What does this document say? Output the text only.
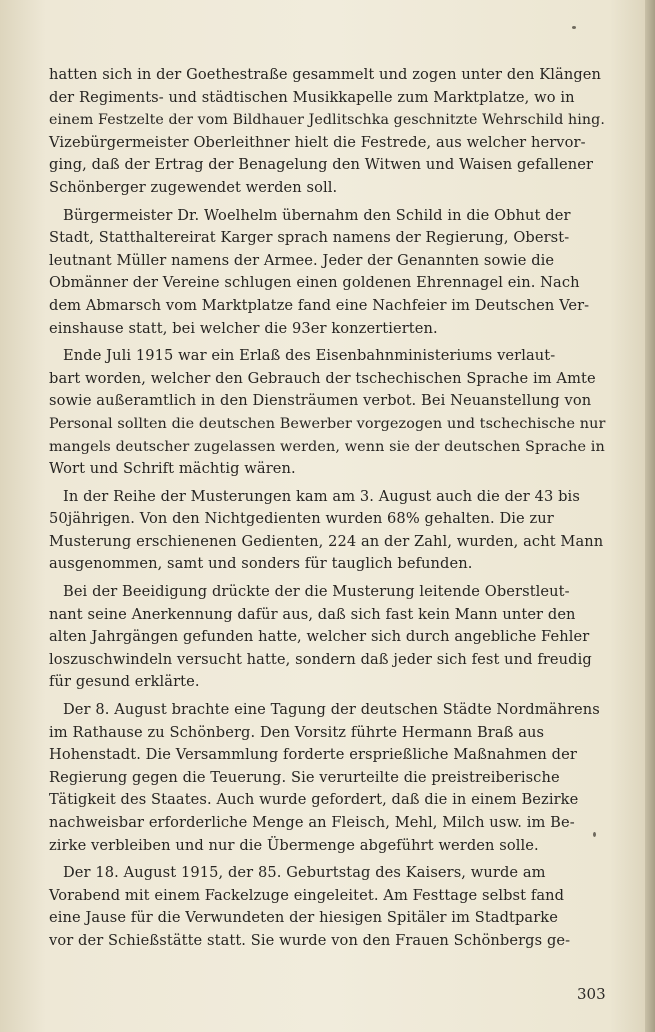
hatten sich in der Goethestraße gesammelt und zogen unter den Klängen
der Regiments- und städtischen Musikkapelle zum Marktplatze, wo in
einem Festzelte der vom Bildhauer Jedlitschka geschnitzte Wehrschild hing.
Vizebürgermeister Oberleithner hielt die Festrede, aus welcher hervor-
ging, daß der Ertrag der Benagelung den Witwen und Waisen gefallener
Schönberger zugewendet werden soll.
Bürgermeister Dr. Woelhelm übernahm den Schild in die Obhut der
Stadt, Statthaltereirat Karger sprach namens der Regierung, Oberst-
leutnant Müller namens der Armee. Jeder der Genannten sowie die
Obmänner der Vereine schlugen einen goldenen Ehrennagel ein. Nach
dem Abmarsch vom Marktplatze fand eine Nachfeier im Deutschen Ver-
einshause statt, bei welcher die 93er konzertierten.
Ende Juli 1915 war ein Erlaß des Eisenbahnministeriums verlaut-
bart worden, welcher den Gebrauch der tschechischen Sprache im Amte
sowie außeramtlich in den Diensträumen verbot. Bei Neuanstellung von
Personal sollten die deutschen Bewerber vorgezogen und tschechische nur
mangels deutscher zugelassen werden, wenn sie der deutschen Sprache in
Wort und Schrift mächtig wären.
In der Reihe der Musterungen kam am 3. August auch die der 43 bis
50jährigen. Von den Nichtgedienten wurden 68% gehalten. Die zur
Musterung erschienenen Gedienten, 224 an der Zahl, wurden, acht Mann
ausgenommen, samt und sonders für tauglich befunden.
Bei der Beeidigung drückte der die Musterung leitende Oberstleut-
nant seine Anerkennung dafür aus, daß sich fast kein Mann unter den
alten Jahrgängen gefunden hatte, welcher sich durch angebliche Fehler
loszuschwindeln versucht hatte, sondern daß jeder sich fest und freudig
für gesund erklärte.
Der 8. August brachte eine Tagung der deutschen Städte Nordmährens
im Rathause zu Schönberg. Den Vorsitz führte Hermann Braß aus
Hohenstadt. Die Versammlung forderte ersprießliche Maßnahmen der
Regierung gegen die Teuerung. Sie verurteilte die preistreiberische
Tätigkeit des Staates. Auch wurde gefordert, daß die in einem Bezirke
nachweisbar erforderliche Menge an Fleisch, Mehl, Milch usw. im Be-
zirke verbleiben und nur die Übermenge abgeführt werden solle.
Der 18. August 1915, der 85. Geburtstag des Kaisers, wurde am
Vorabend mit einem Fackelzuge eingeleitet. Am Festtage selbst fand
eine Jause für die Verwundeten der hiesigen Spitäler im Stadtparke
vor der Schießstätte statt. Sie wurde von den Frauen Schönbergs ge-
303
